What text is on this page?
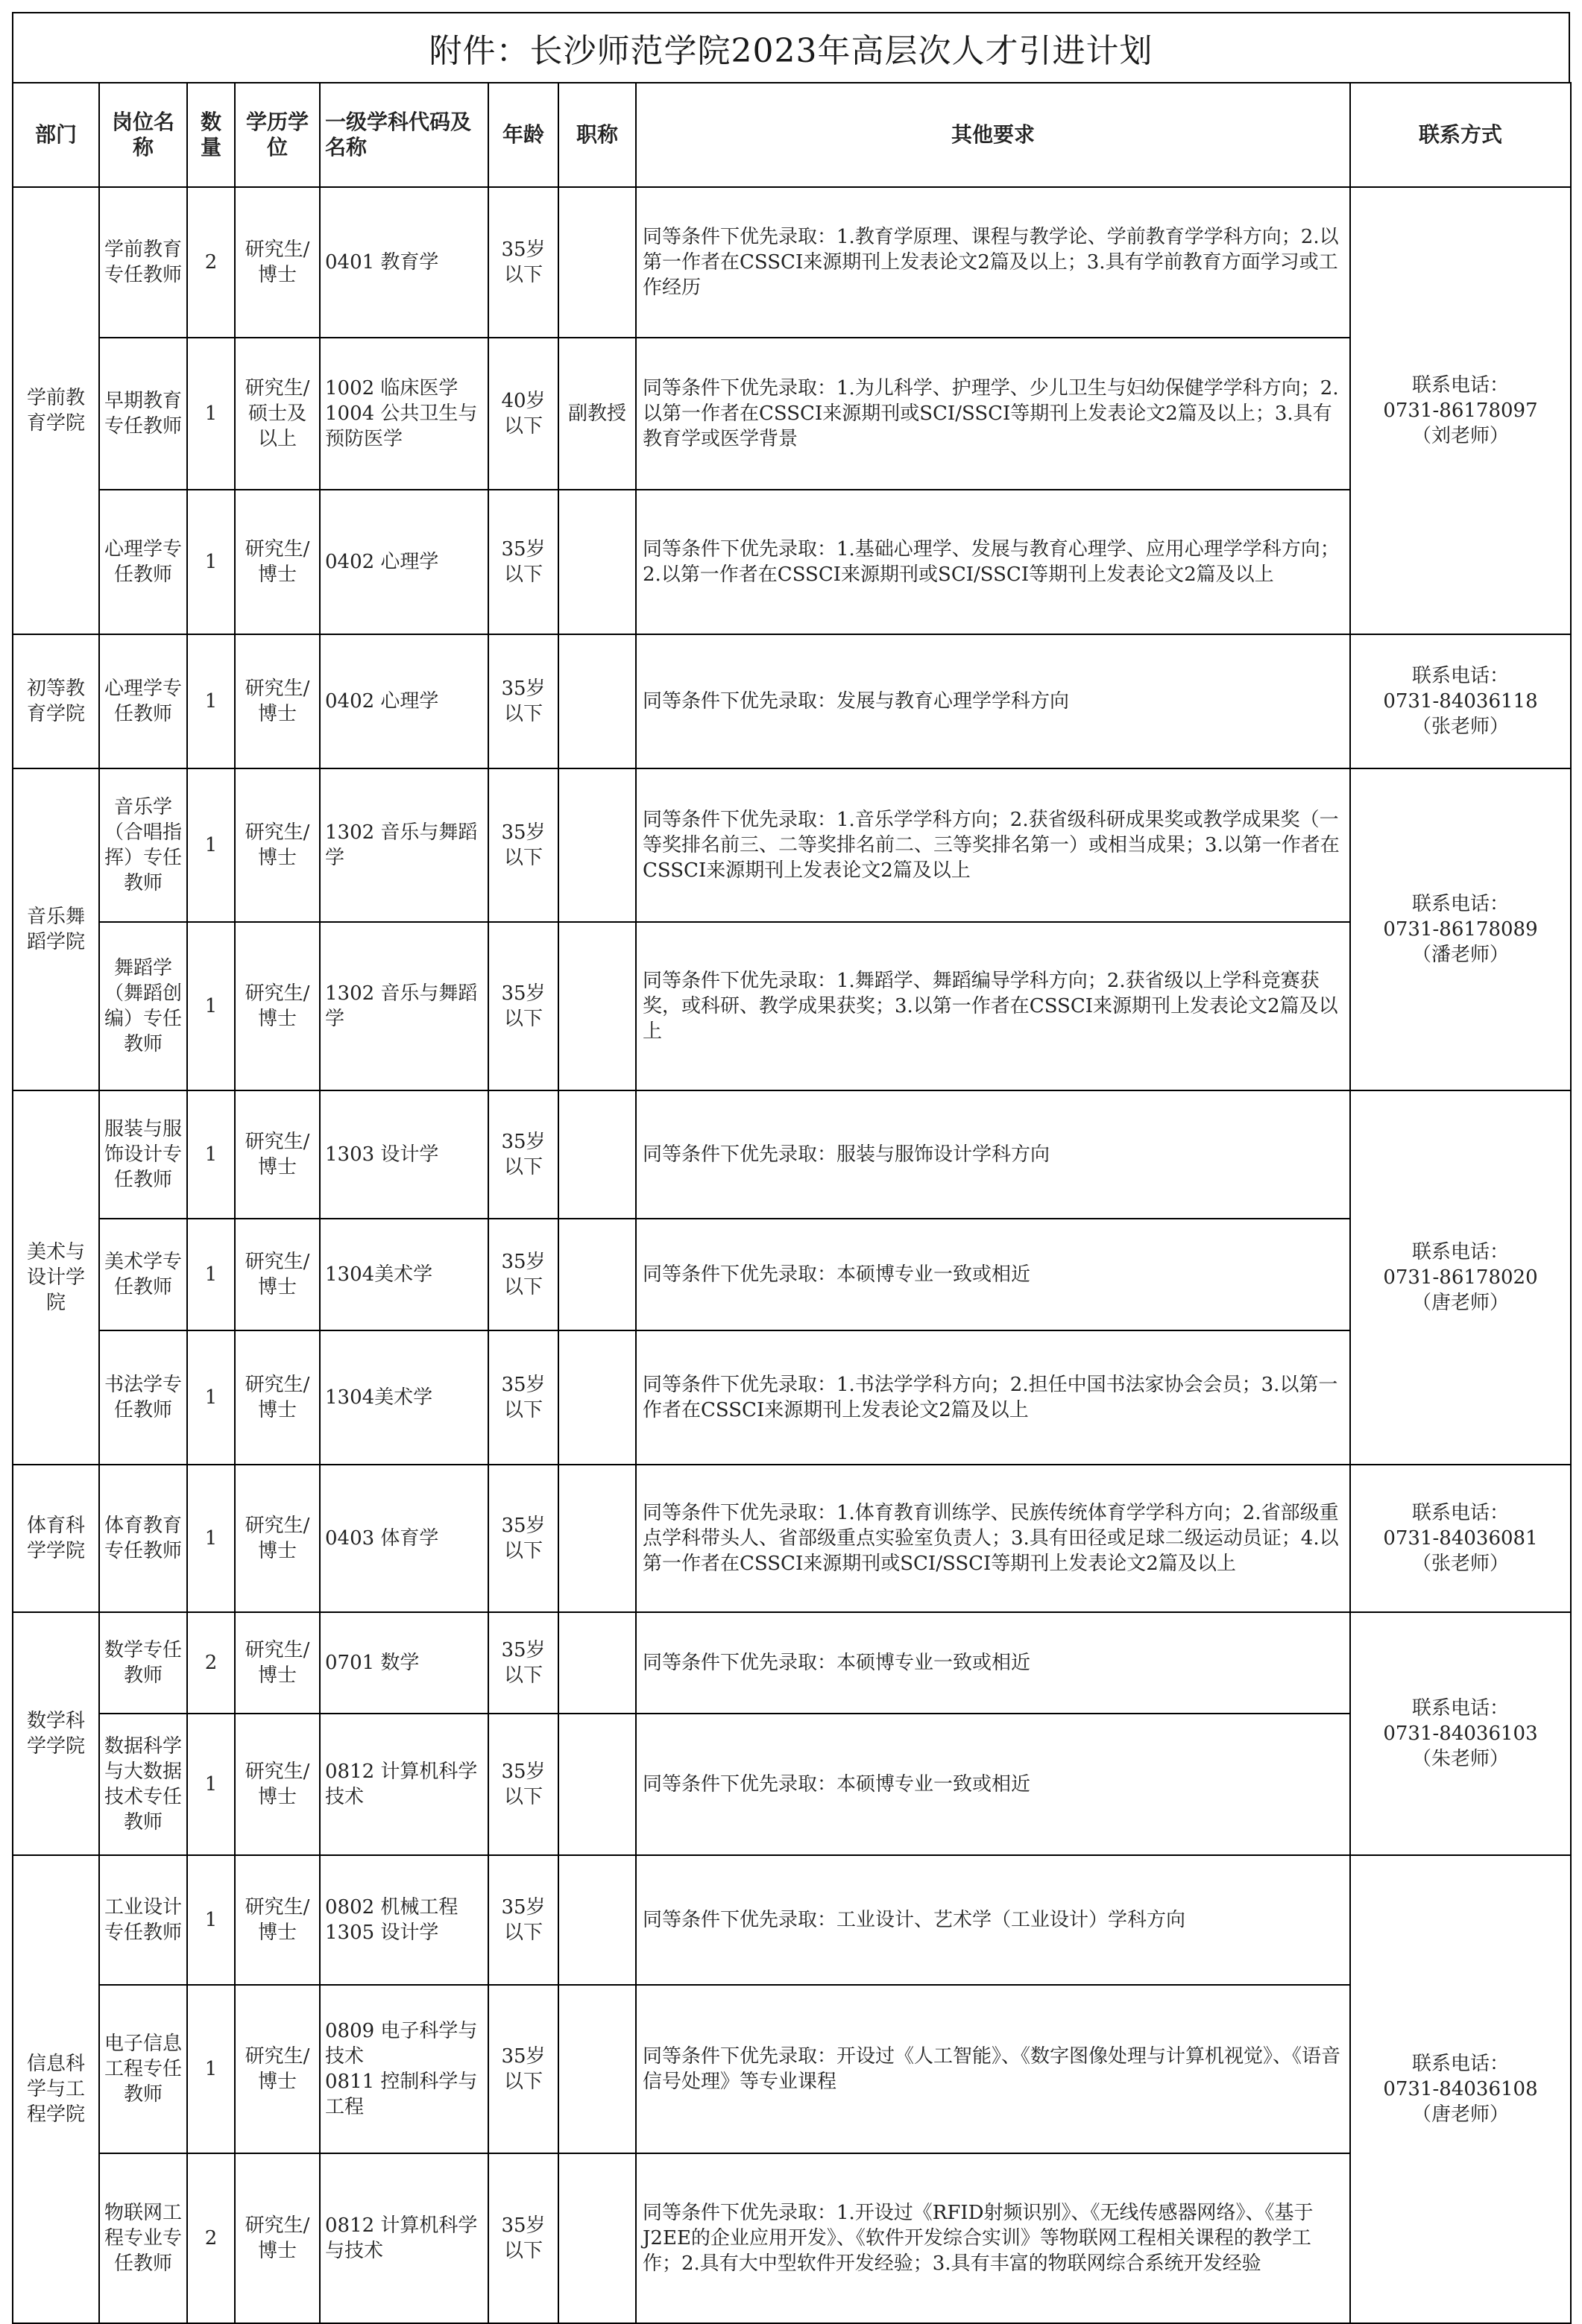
附件：长沙师范学院2023年高层次人才引进计划
部门	岗位名称	数量	学历学位	一级学科代码及名称	年龄	职称	其他要求	联系方式
学前教育学院	学前教育专任教师	2	研究生/博士	0401 教育学	35岁以下		同等条件下优先录取：1.教育学原理、课程与教学论、学前教育学学科方向；2.以第一作者在CSSCI来源期刊上发表论文2篇及以上；3.具有学前教育方面学习或工作经历	联系电话：
0731-86178097
（刘老师）

	早期教育专任教师	1	研究生/硕士及以上	1002 临床医学
1004 公共卫生与预防医学	40岁以下	副教授	同等条件下优先录取：1.为儿科学、护理学、少儿卫生与妇幼保健学学科方向；2.以第一作者在CSSCI来源期刊或SCI/SSCI等期刊上发表论文2篇及以上；3.具有教育学或医学背景	
	心理学专任教师	1	研究生/博士	0402 心理学	35岁以下		同等条件下优先录取：1.基础心理学、发展与教育心理学、应用心理学学科方向；2.以第一作者在CSSCI来源期刊或SCI/SSCI等期刊上发表论文2篇及以上	
初等教育学院	心理学专任教师	1	研究生/博士	0402 心理学	35岁以下		同等条件下优先录取：发展与教育心理学学科方向	联系电话：
0731-84036118
（张老师）

音乐舞蹈学院	音乐学（合唱指挥）专任教师	1	研究生/博士	1302 音乐与舞蹈学	35岁以下		同等条件下优先录取：1.音乐学学科方向；2.获省级科研成果奖或教学成果奖（一等奖排名前三、二等奖排名前二、三等奖排名第一）或相当成果；3.以第一作者在CSSCI来源期刊上发表论文2篇及以上	联系电话：
0731-86178089
（潘老师）

	舞蹈学（舞蹈创编）专任教师	1	研究生/博士	1302 音乐与舞蹈学	35岁以下		同等条件下优先录取：1.舞蹈学、舞蹈编导学科方向；2.获省级以上学科竞赛获奖，或科研、教学成果获奖；3.以第一作者在CSSCI来源期刊上发表论文2篇及以上	
美术与设计学院	服装与服饰设计专任教师	1	研究生/博士	1303 设计学	35岁以下		同等条件下优先录取：服装与服饰设计学科方向	联系电话：
0731-86178020
（唐老师）

	美术学专任教师	1	研究生/博士	1304美术学	35岁以下		同等条件下优先录取：本硕博专业一致或相近	
	书法学专任教师	1	研究生/博士	1304美术学	35岁以下		同等条件下优先录取：1.书法学学科方向；2.担任中国书法家协会会员；3.以第一作者在CSSCI来源期刊上发表论文2篇及以上	
体育科学学院	体育教育专任教师	1	研究生/博士	0403 体育学	35岁以下		同等条件下优先录取：1.体育教育训练学、民族传统体育学学科方向；2.省部级重点学科带头人、省部级重点实验室负责人；3.具有田径或足球二级运动员证；4.以第一作者在CSSCI来源期刊或SCI/SSCI等期刊上发表论文2篇及以上	联系电话：
0731-84036081
（张老师）

数学科学学院	数学专任教师	2	研究生/博士	0701 数学	35岁以下		同等条件下优先录取：本硕博专业一致或相近	联系电话：
0731-84036103
（朱老师）

	数据科学与大数据技术专任教师	1	研究生/博士	0812 计算机科学技术	35岁以下		同等条件下优先录取：本硕博专业一致或相近	
信息科学与工程学院	工业设计专任教师	1	研究生/博士	0802 机械工程
1305 设计学	35岁以下		同等条件下优先录取：工业设计、艺术学（工业设计）学科方向	联系电话：
0731-84036108
（唐老师）

	电子信息工程专任教师	1	研究生/博士	0809 电子科学与技术
0811 控制科学与工程	35岁以下		同等条件下优先录取：开设过《人工智能》、《数字图像处理与计算机视觉》、《语音信号处理》等专业课程	
	物联网工程专业专任教师	2	研究生/博士	0812 计算机科学与技术	35岁以下		同等条件下优先录取：1.开设过《RFID射频识别》、《无线传感器网络》、《基于J2EE的企业应用开发》、《软件开发综合实训》等物联网工程相关课程的教学工作；2.具有大中型软件开发经验；3.具有丰富的物联网综合系统开发经验	
